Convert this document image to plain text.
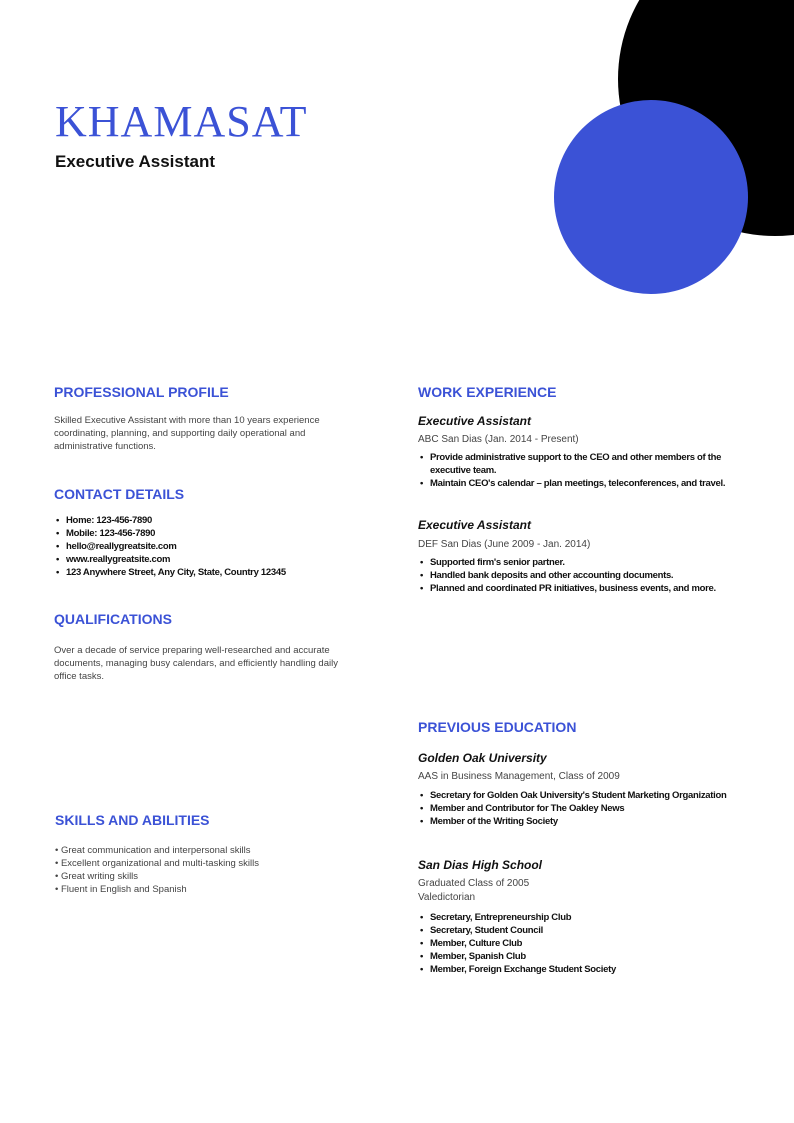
KHAMASAT
Executive Assistant
PROFESSIONAL PROFILE

Skilled Executive Assistant with more than 10 years experience coordinating, planning, and supporting daily operational and administrative functions.

CONTACT DETAILS
• Home: 123-456-7890
• Mobile: 123-456-7890
• hello@reallygreatsite.com
• www.reallygreatsite.com
• 123 Anywhere Street, Any City, State, Country 12345
QUALIFICATIONS

Over a decade of service preparing well-researched and accurate documents, managing busy calendars, and efficiently handling daily office tasks.

SKILLS AND ABILITIES
• Great communication and interpersonal skills
• Excellent organizational and multi-tasking skills
• Great writing skills
• Fluent in English and Spanish
WORK EXPERIENCE
Executive Assistant

ABC San Dias (Jan. 2014 - Present)

• Provide administrative support to the CEO and other members of the executive team.
• Maintain CEO's calendar – plan meetings, teleconferences, and travel.
Executive Assistant

DEF San Dias (June 2009 - Jan. 2014)

• Supported firm's senior partner.
• Handled bank deposits and other accounting documents.
• Planned and coordinated PR initiatives, business events, and more.
PREVIOUS EDUCATION
Golden Oak University

AAS in Business Management, Class of 2009

• Secretary for Golden Oak University's Student Marketing Organization
• Member and Contributor for The Oakley News
• Member of the Writing Society
San Dias High School

Graduated Class of 2005

Valedictorian

• Secretary, Entrepreneurship Club
• Secretary, Student Council
• Member, Culture Club
• Member, Spanish Club
• Member, Foreign Exchange Student Society
